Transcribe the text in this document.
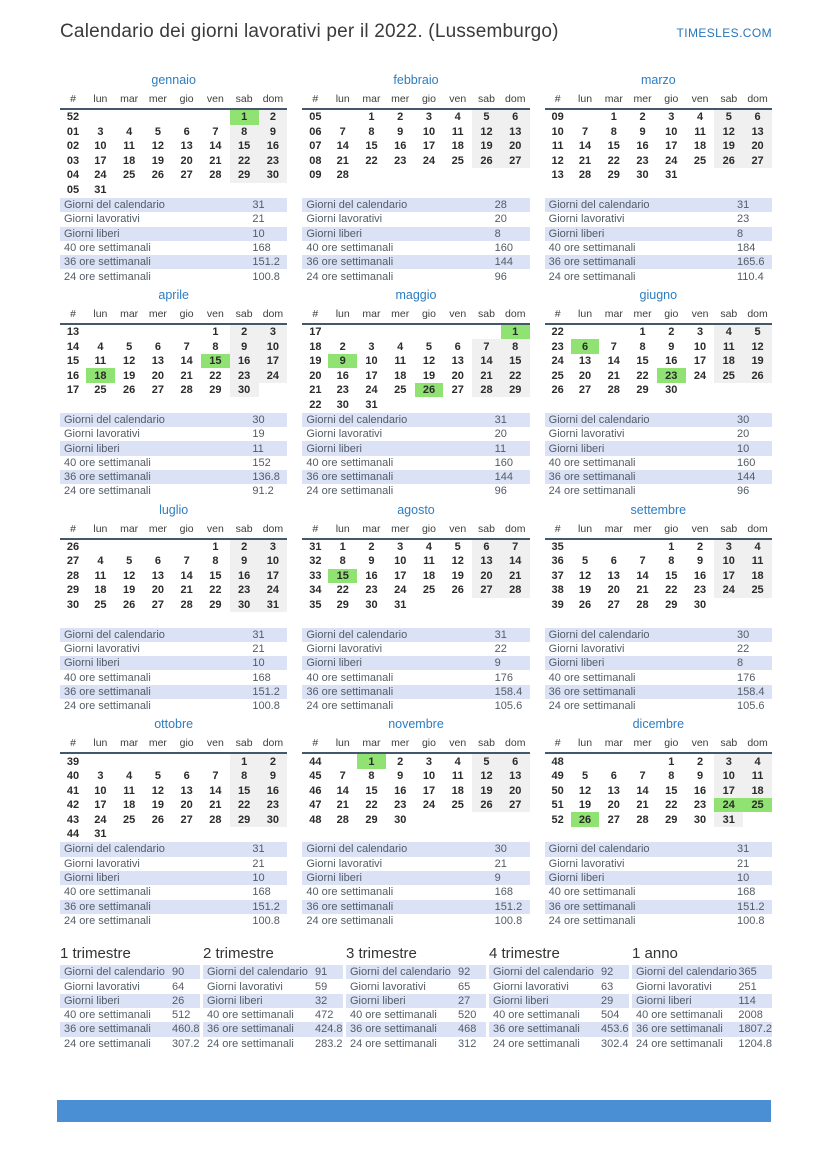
Calendario dei giorni lavorativi per il 2022. (Lussemburgo)	TIMESLES.COM
gennaio
#	lun	mar	mer	gio	ven	sab	dom
52						1	2
01	3	4	5	6	7	8	9
02	10	11	12	13	14	15	16
03	17	18	19	20	21	22	23
04	24	25	26	27	28	29	30
05	31						
Giorni del calendario	31
Giorni lavorativi	21
Giorni liberi	10
40 ore settimanali	168
36 ore settimanali	151.2
24 ore settimanali	100.8
febbraio
#	lun	mar	mer	gio	ven	sab	dom
05		1	2	3	4	5	6
06	7	8	9	10	11	12	13
07	14	15	16	17	18	19	20
08	21	22	23	24	25	26	27
09	28						
Giorni del calendario	28
Giorni lavorativi	20
Giorni liberi	8
40 ore settimanali	160
36 ore settimanali	144
24 ore settimanali	96
marzo
#	lun	mar	mer	gio	ven	sab	dom
09		1	2	3	4	5	6
10	7	8	9	10	11	12	13
11	14	15	16	17	18	19	20
12	21	22	23	24	25	26	27
13	28	29	30	31			
Giorni del calendario	31
Giorni lavorativi	23
Giorni liberi	8
40 ore settimanali	184
36 ore settimanali	165.6
24 ore settimanali	110.4
aprile
#	lun	mar	mer	gio	ven	sab	dom
13					1	2	3
14	4	5	6	7	8	9	10
15	11	12	13	14	15	16	17
16	18	19	20	21	22	23	24
17	25	26	27	28	29	30	
Giorni del calendario	30
Giorni lavorativi	19
Giorni liberi	11
40 ore settimanali	152
36 ore settimanali	136.8
24 ore settimanali	91.2
maggio
#	lun	mar	mer	gio	ven	sab	dom
17							1
18	2	3	4	5	6	7	8
19	9	10	11	12	13	14	15
20	16	17	18	19	20	21	22
21	23	24	25	26	27	28	29
22	30	31					
Giorni del calendario	31
Giorni lavorativi	20
Giorni liberi	11
40 ore settimanali	160
36 ore settimanali	144
24 ore settimanali	96
giugno
#	lun	mar	mer	gio	ven	sab	dom
22			1	2	3	4	5
23	6	7	8	9	10	11	12
24	13	14	15	16	17	18	19
25	20	21	22	23	24	25	26
26	27	28	29	30			
Giorni del calendario	30
Giorni lavorativi	20
Giorni liberi	10
40 ore settimanali	160
36 ore settimanali	144
24 ore settimanali	96
luglio
#	lun	mar	mer	gio	ven	sab	dom
26					1	2	3
27	4	5	6	7	8	9	10
28	11	12	13	14	15	16	17
29	18	19	20	21	22	23	24
30	25	26	27	28	29	30	31
Giorni del calendario	31
Giorni lavorativi	21
Giorni liberi	10
40 ore settimanali	168
36 ore settimanali	151.2
24 ore settimanali	100.8
agosto
#	lun	mar	mer	gio	ven	sab	dom
31	1	2	3	4	5	6	7
32	8	9	10	11	12	13	14
33	15	16	17	18	19	20	21
34	22	23	24	25	26	27	28
35	29	30	31				
Giorni del calendario	31
Giorni lavorativi	22
Giorni liberi	9
40 ore settimanali	176
36 ore settimanali	158.4
24 ore settimanali	105.6
settembre
#	lun	mar	mer	gio	ven	sab	dom
35				1	2	3	4
36	5	6	7	8	9	10	11
37	12	13	14	15	16	17	18
38	19	20	21	22	23	24	25
39	26	27	28	29	30		
Giorni del calendario	30
Giorni lavorativi	22
Giorni liberi	8
40 ore settimanali	176
36 ore settimanali	158.4
24 ore settimanali	105.6
ottobre
#	lun	mar	mer	gio	ven	sab	dom
39						1	2
40	3	4	5	6	7	8	9
41	10	11	12	13	14	15	16
42	17	18	19	20	21	22	23
43	24	25	26	27	28	29	30
44	31						
Giorni del calendario	31
Giorni lavorativi	21
Giorni liberi	10
40 ore settimanali	168
36 ore settimanali	151.2
24 ore settimanali	100.8
novembre
#	lun	mar	mer	gio	ven	sab	dom
44		1	2	3	4	5	6
45	7	8	9	10	11	12	13
46	14	15	16	17	18	19	20
47	21	22	23	24	25	26	27
48	28	29	30				
Giorni del calendario	30
Giorni lavorativi	21
Giorni liberi	9
40 ore settimanali	168
36 ore settimanali	151.2
24 ore settimanali	100.8
dicembre
#	lun	mar	mer	gio	ven	sab	dom
48				1	2	3	4
49	5	6	7	8	9	10	11
50	12	13	14	15	16	17	18
51	19	20	21	22	23	24	25
52	26	27	28	29	30	31	
Giorni del calendario	31
Giorni lavorativi	21
Giorni liberi	10
40 ore settimanali	168
36 ore settimanali	151.2
24 ore settimanali	100.8
1 trimestre
Giorni del calendario	90
Giorni lavorativi	64
Giorni liberi	26
40 ore settimanali	512
36 ore settimanali	460.8
24 ore settimanali	307.2
2 trimestre
Giorni del calendario	91
Giorni lavorativi	59
Giorni liberi	32
40 ore settimanali	472
36 ore settimanali	424.8
24 ore settimanali	283.2
3 trimestre
Giorni del calendario	92
Giorni lavorativi	65
Giorni liberi	27
40 ore settimanali	520
36 ore settimanali	468
24 ore settimanali	312
4 trimestre
Giorni del calendario	92
Giorni lavorativi	63
Giorni liberi	29
40 ore settimanali	504
36 ore settimanali	453.6
24 ore settimanali	302.4
1 anno
Giorni del calendario	365
Giorni lavorativi	251
Giorni liberi	114
40 ore settimanali	2008
36 ore settimanali	1807.2
24 ore settimanali	1204.8
